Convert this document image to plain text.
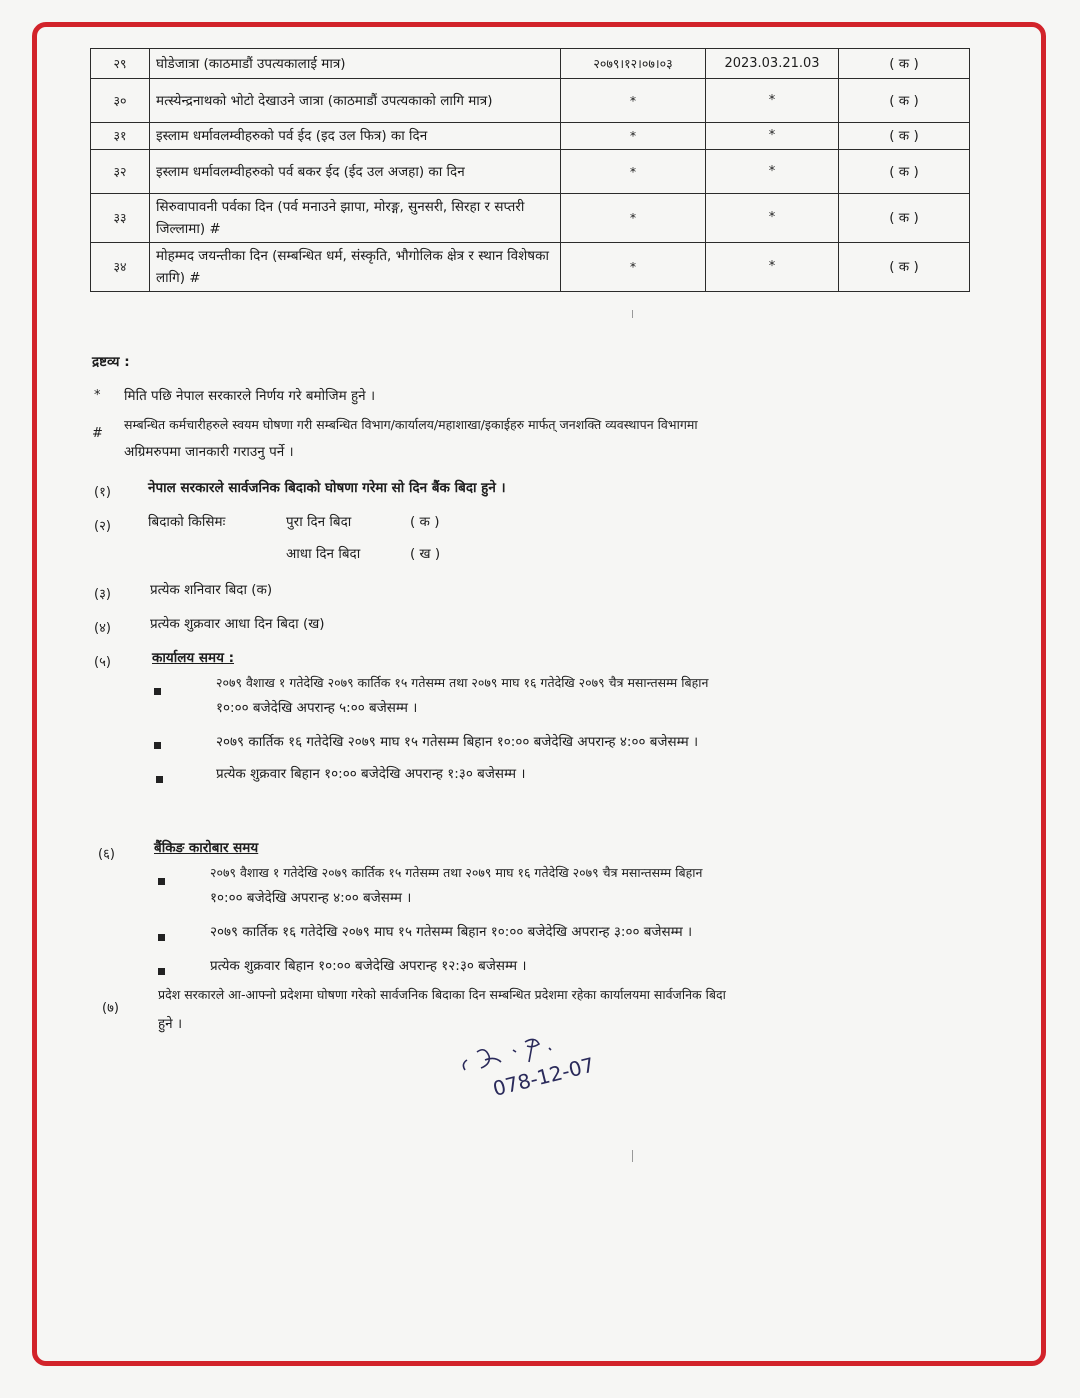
२९	घोडेजात्रा (काठमाडौं उपत्यकालाई मात्र)	२०७९।१२।०७।०३	2023.03.21.03	( क )
३०	मत्स्येन्द्रनाथको भोटो देखाउने जात्रा (काठमाडौं उपत्यकाको लागि मात्र)	*	*	( क )
३१	इस्लाम धर्मावलम्वीहरुको पर्व ईद (इद उल फित्र) का दिन	*	*	( क )
३२	इस्लाम धर्मावलम्वीहरुको पर्व बकर ईद (ईद उल अजहा) का दिन	*	*	( क )
३३	सिरुवापावनी पर्वका दिन (पर्व मनाउने झापा, मोरङ्ग, सुनसरी, सिरहा र सप्तरी जिल्लामा) #	*	*	( क )
३४	मोहम्मद जयन्तीका दिन (सम्बन्धित धर्म, संस्कृति, भौगोलिक क्षेत्र र स्थान विशेषका लागि) #	*	*	( क )
द्रष्टव्य :
* मिति पछि नेपाल सरकारले निर्णय गरे बमोजिम हुने ।
#
सम्बन्धित कर्मचारीहरुले स्वयम घोषणा गरी सम्बन्धित विभाग/कार्यालय/महाशाखा/इकाईहरु मार्फत् जनशक्ति व्यवस्थापन विभागमा
अग्रिमरुपमा जानकारी गराउनु पर्ने ।
(१)	नेपाल सरकारले सार्वजनिक बिदाको घोषणा गरेमा सो दिन बैंक बिदा हुने ।
(२)	बिदाको किसिमः	पुरा दिन बिदा	( क )
आधा दिन बिदा	( ख )
(३)	प्रत्येक शनिवार बिदा (क)
(४)	प्रत्येक शुक्रवार आधा दिन बिदा (ख)
(५)	कार्यालय समय :
२०७९ वैशाख १ गतेदेखि २०७९ कार्तिक १५ गतेसम्म तथा २०७९ माघ १६ गतेदेखि २०७९ चैत्र मसान्तसम्म बिहान
१०:०० बजेदेखि अपरान्ह ५:०० बजेसम्म ।
२०७९ कार्तिक १६ गतेदेखि २०७९ माघ १५ गतेसम्म बिहान १०:०० बजेदेखि अपरान्ह ४:०० बजेसम्म ।
प्रत्येक शुक्रवार बिहान १०:०० बजेदेखि अपरान्ह १:३० बजेसम्म ।
(६)	बैंकिङ कारोबार समय
२०७९ वैशाख १ गतेदेखि २०७९ कार्तिक १५ गतेसम्म तथा २०७९ माघ १६ गतेदेखि २०७९ चैत्र मसान्तसम्म बिहान
१०:०० बजेदेखि अपरान्ह ४:०० बजेसम्म ।
२०७९ कार्तिक १६ गतेदेखि २०७९ माघ १५ गतेसम्म बिहान १०:०० बजेदेखि अपरान्ह ३:०० बजेसम्म ।
प्रत्येक शुक्रवार बिहान १०:०० बजेदेखि अपरान्ह १२:३० बजेसम्म ।
(७)
प्रदेश सरकारले आ-आफ्नो प्रदेशमा घोषणा गरेको सार्वजनिक बिदाका दिन सम्बन्धित प्रदेशमा रहेका कार्यालयमा सार्वजनिक बिदा
हुने ।
078-12-07
